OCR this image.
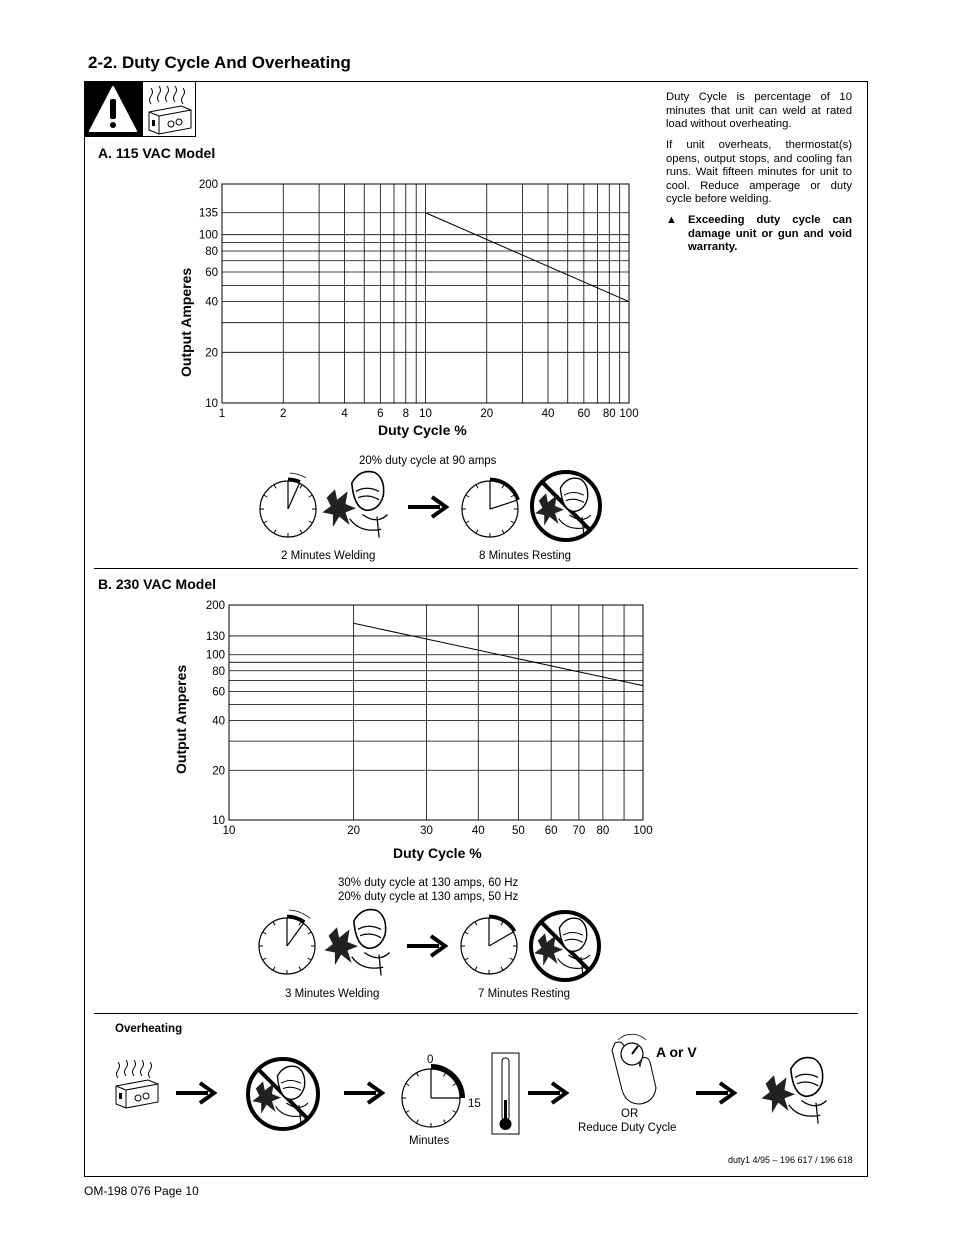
2-2. Duty Cycle And Overheating
Duty Cycle is percentage of 10 minutes that unit can weld at rated load without overheating.
If unit overheats, thermostat(s) opens, output stops, and cooling fan runs. Wait fifteen minutes for unit to cool. Reduce amperage or duty cycle before welding.
▲ Exceeding duty cycle can damage unit or gun and void warranty.
A. 115 VAC Model
1	2	4	6 8 10	20	40 60 80 100
10
20
40
60
80
100
135
200
10	20	30	40 50 60 70 80 100
10
20
40
60
80
100
130
200
Output Amperes
Duty Cycle %
20% duty cycle at 90 amps
2 Minutes Welding	8 Minutes Resting
B. 230 VAC Model
Output Amperes
Duty Cycle %
30% duty cycle at 130 amps, 60 Hz
20% duty cycle at 130 amps, 50 Hz
3 Minutes Welding	7 Minutes Resting
Overheating
0
15
Minutes
A or V
OR
Reduce Duty Cycle
duty1 4/95 – 196 617 / 196 618
OM-198 076 Page 10
